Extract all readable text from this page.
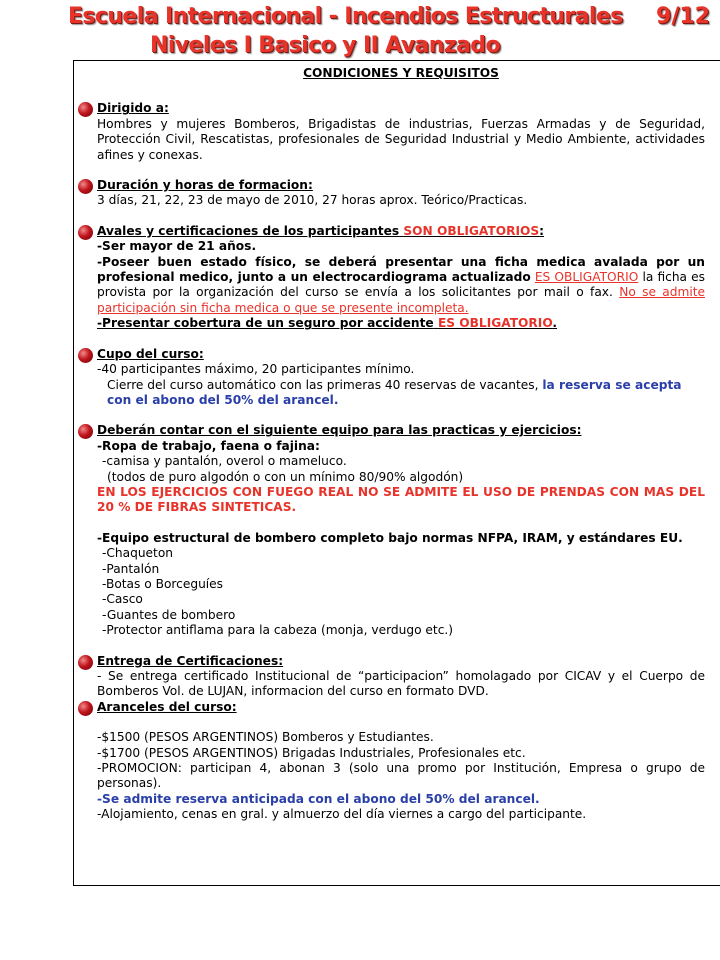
Escuela Internacional - Incendios Estructurales
Niveles I Basico y II Avanzado
9/12
CONDICIONES Y REQUISITOS
Dirigido a:
Hombres y mujeres Bomberos, Brigadistas de industrias, Fuerzas Armadas y de Seguridad, Protección Civil, Rescatistas, profesionales de Seguridad Industrial y Medio Ambiente, actividades afines y conexas.
Duración y horas de formacion:
3 días, 21, 22, 23 de mayo de 2010, 27 horas aprox. Teórico/Practicas.
Avales y certificaciones de los participantes SON OBLIGATORIOS:
-Ser mayor de 21 años.
-Poseer buen estado físico, se deberá presentar una ficha medica avalada por un profesional medico, junto a un electrocardiograma actualizado ES OBLIGATORIO la ficha es provista por la organización del curso se envía a los solicitantes por mail o fax. No se admite participación sin ficha medica o que se presente incompleta.
-Presentar cobertura de un seguro por accidente ES OBLIGATORIO.
Cupo del curso:
-40 participantes máximo, 20 participantes mínimo.
Cierre del curso automático con las primeras 40 reservas de vacantes, la reserva se acepta con el abono del 50% del arancel.
Deberán contar con el siguiente equipo para las practicas y ejercicios:
-Ropa de trabajo, faena o fajina:
-camisa y pantalón, overol o mameluco.
(todos de puro algodón o con un mínimo 80/90% algodón)
EN LOS EJERCICIOS CON FUEGO REAL NO SE ADMITE EL USO DE PRENDAS CON MAS DEL 20 % DE FIBRAS SINTETICAS.
-Equipo estructural de bombero completo bajo normas NFPA, IRAM, y estándares EU.
-Chaqueton
-Pantalón
-Botas o Borceguíes
-Casco
-Guantes de bombero
-Protector antiflama para la cabeza (monja, verdugo etc.)
Entrega de Certificaciones:
- Se entrega certificado Institucional de “participacion” homolagado por CICAV y el Cuerpo de Bomberos Vol. de LUJAN, informacion del curso en formato DVD.
Aranceles del curso:
-$1500 (PESOS ARGENTINOS) Bomberos y Estudiantes.
-$1700 (PESOS ARGENTINOS) Brigadas Industriales, Profesionales etc.
-PROMOCION: participan 4, abonan 3 (solo una promo por Institución, Empresa o grupo de personas).
-Se admite reserva anticipada con el abono del 50% del arancel.
-Alojamiento, cenas en gral. y almuerzo del día viernes a cargo del participante.
